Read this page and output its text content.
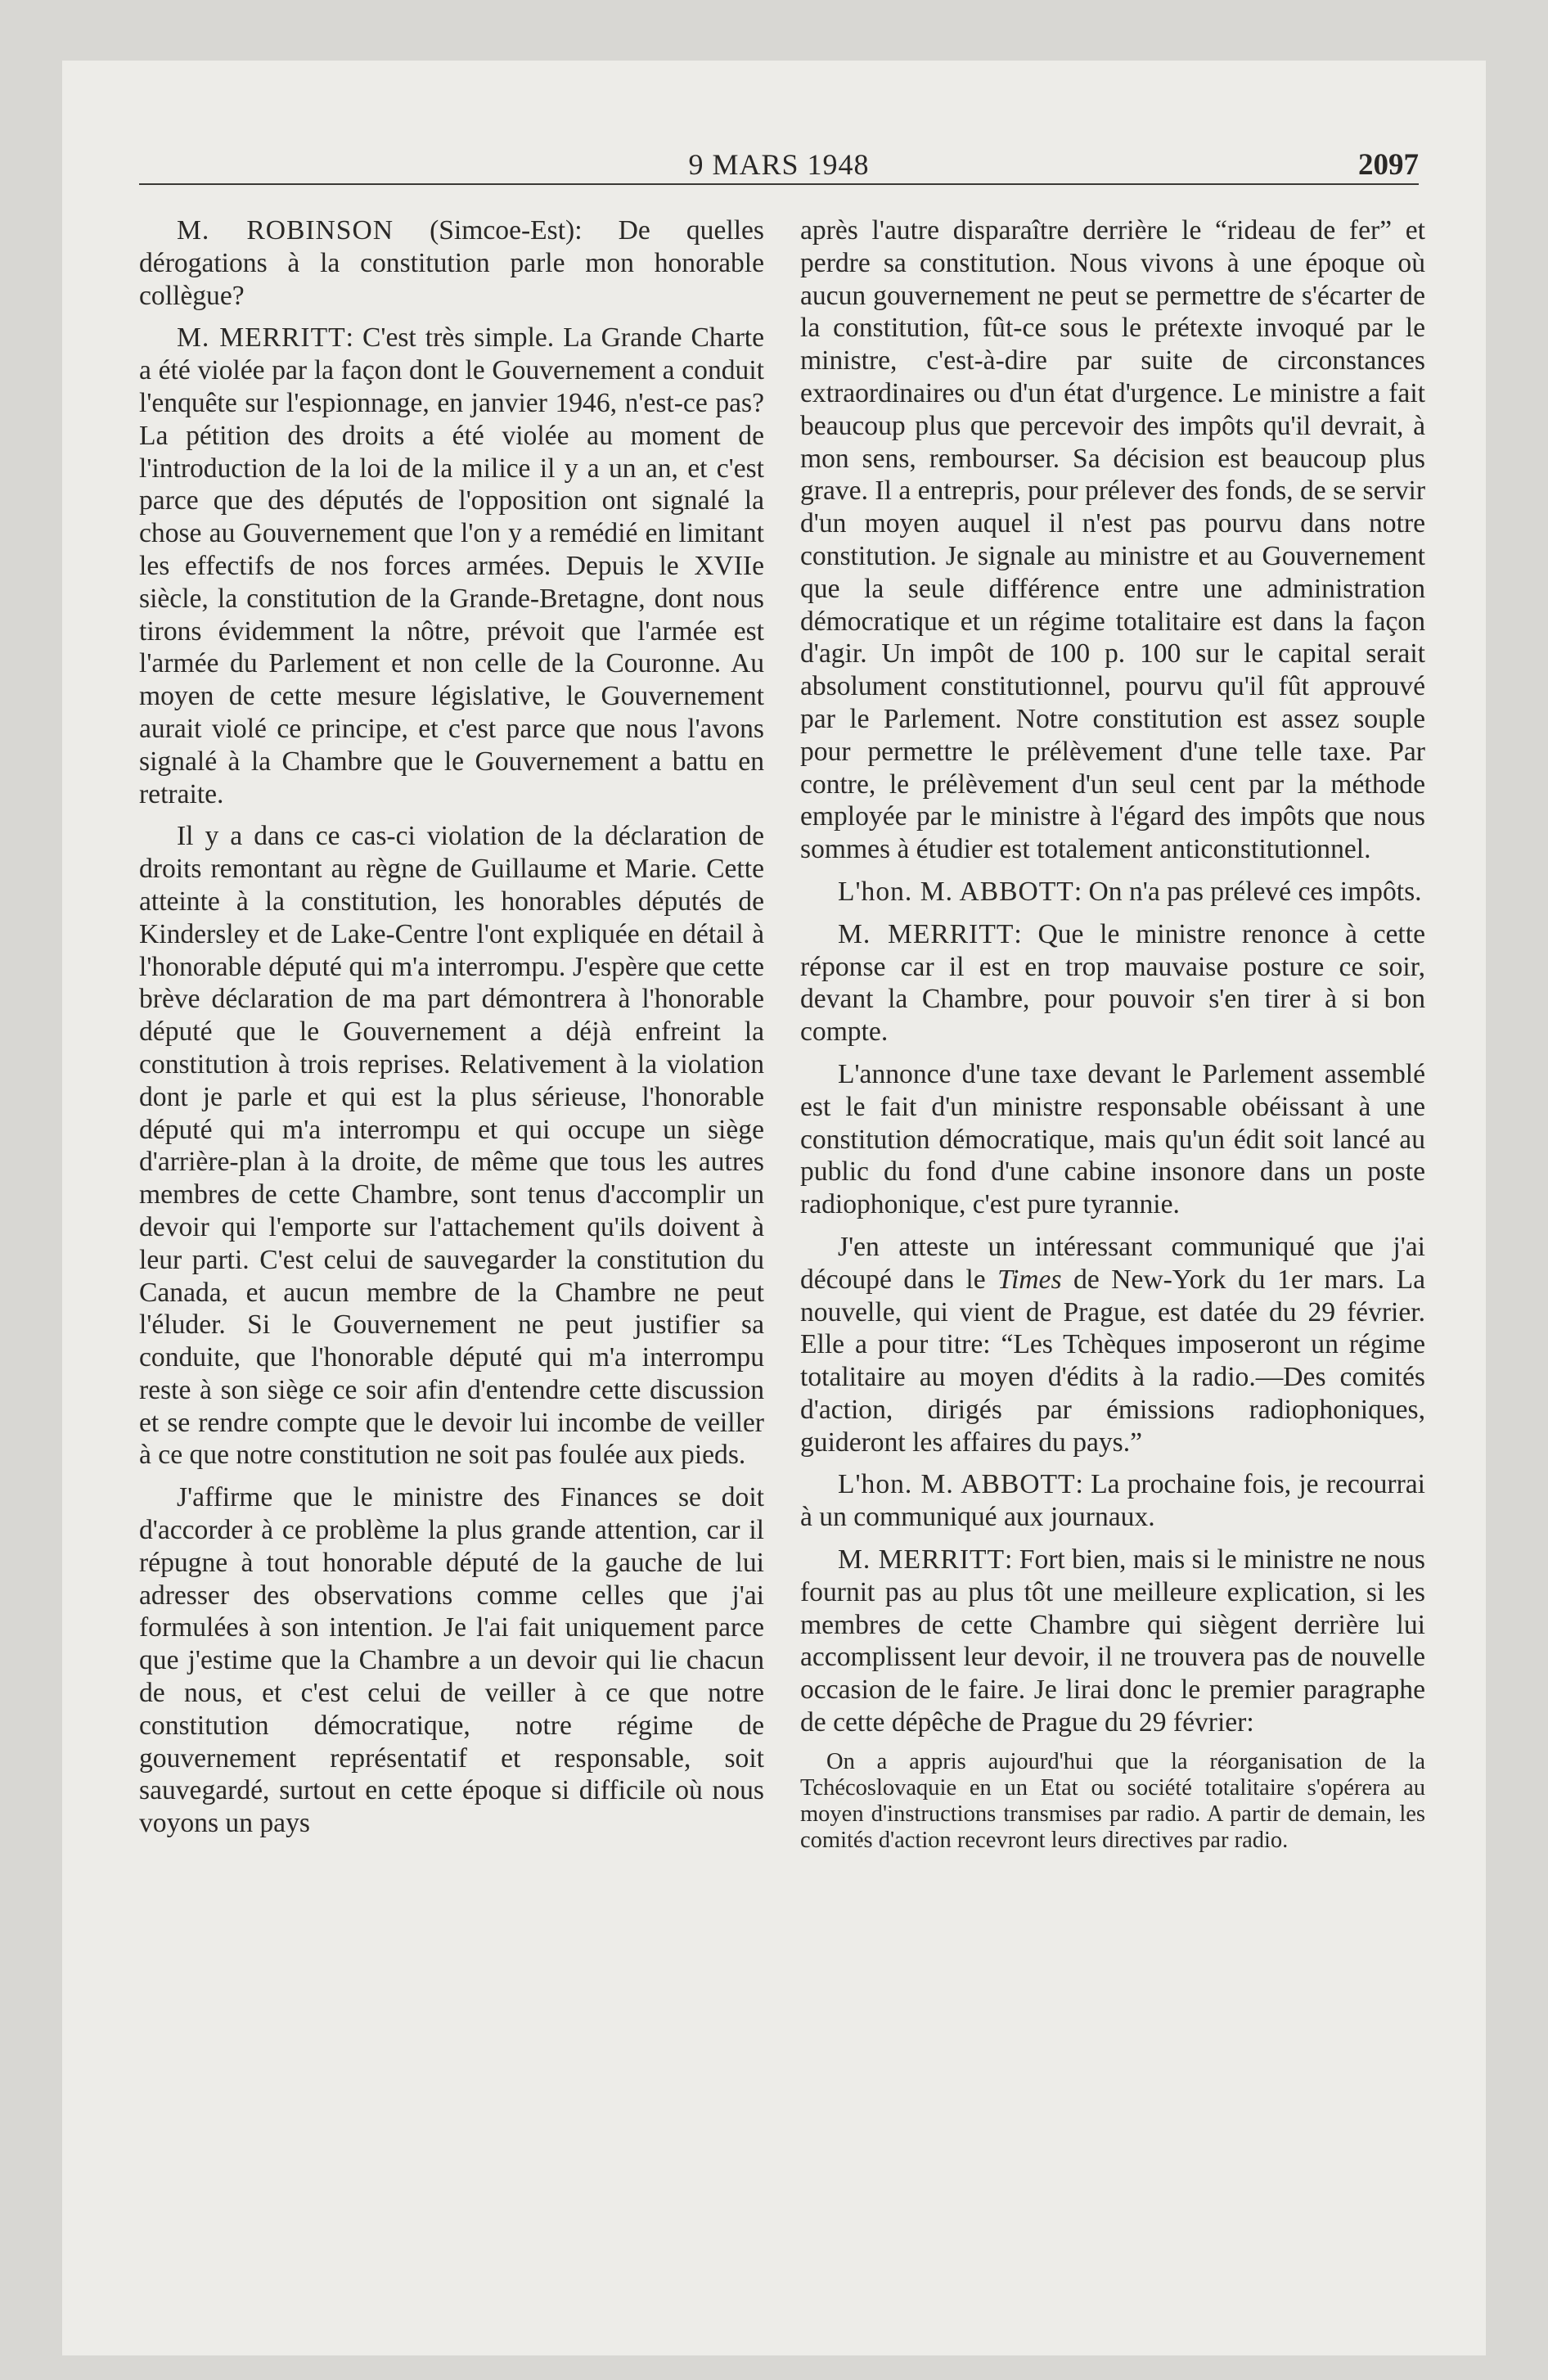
9 MARS 1948	2097

M. ROBINSON (Simcoe-Est): De quelles dérogations à la constitution parle mon honorable collègue?

M. MERRITT: C'est très simple. La Grande Charte a été violée par la façon dont le Gouvernement a conduit l'enquête sur l'espionnage, en janvier 1946, n'est-ce pas? La pétition des droits a été violée au moment de l'introduction de la loi de la milice il y a un an, et c'est parce que des députés de l'opposition ont signalé la chose au Gouvernement que l'on y a remédié en limitant les effectifs de nos forces armées. Depuis le XVIIe siècle, la constitution de la Grande-Bretagne, dont nous tirons évidemment la nôtre, prévoit que l'armée est l'armée du Parlement et non celle de la Couronne. Au moyen de cette mesure législative, le Gouvernement aurait violé ce principe, et c'est parce que nous l'avons signalé à la Chambre que le Gouvernement a battu en retraite.

Il y a dans ce cas-ci violation de la déclaration de droits remontant au règne de Guillaume et Marie. Cette atteinte à la constitution, les honorables députés de Kindersley et de Lake-Centre l'ont expliquée en détail à l'honorable député qui m'a interrompu. J'espère que cette brève déclaration de ma part démontrera à l'honorable député que le Gouvernement a déjà enfreint la constitution à trois reprises. Relativement à la violation dont je parle et qui est la plus sérieuse, l'honorable député qui m'a interrompu et qui occupe un siège d'arrière-plan à la droite, de même que tous les autres membres de cette Chambre, sont tenus d'accomplir un devoir qui l'emporte sur l'attachement qu'ils doivent à leur parti. C'est celui de sauvegarder la constitution du Canada, et aucun membre de la Chambre ne peut l'éluder. Si le Gouvernement ne peut justifier sa conduite, que l'honorable député qui m'a interrompu reste à son siège ce soir afin d'entendre cette discussion et se rendre compte que le devoir lui incombe de veiller à ce que notre constitution ne soit pas foulée aux pieds.

J'affirme que le ministre des Finances se doit d'accorder à ce problème la plus grande attention, car il répugne à tout honorable député de la gauche de lui adresser des observations comme celles que j'ai formulées à son intention. Je l'ai fait uniquement parce que j'estime que la Chambre a un devoir qui lie chacun de nous, et c'est celui de veiller à ce que notre constitution démocratique, notre régime de gouvernement représentatif et responsable, soit sauvegardé, surtout en cette époque si difficile où nous voyons un pays

après l'autre disparaître derrière le “rideau de fer” et perdre sa constitution. Nous vivons à une époque où aucun gouvernement ne peut se permettre de s'écarter de la constitution, fût-ce sous le prétexte invoqué par le ministre, c'est-à-dire par suite de circonstances extraordinaires ou d'un état d'urgence. Le ministre a fait beaucoup plus que percevoir des impôts qu'il devrait, à mon sens, rembourser. Sa décision est beaucoup plus grave. Il a entrepris, pour prélever des fonds, de se servir d'un moyen auquel il n'est pas pourvu dans notre constitution. Je signale au ministre et au Gouvernement que la seule différence entre une administration démocratique et un régime totalitaire est dans la façon d'agir. Un impôt de 100 p. 100 sur le capital serait absolument constitutionnel, pourvu qu'il fût approuvé par le Parlement. Notre constitution est assez souple pour permettre le prélèvement d'une telle taxe. Par contre, le prélèvement d'un seul cent par la méthode employée par le ministre à l'égard des impôts que nous sommes à étudier est totalement anticonstitutionnel.

L'hon. M. ABBOTT: On n'a pas prélevé ces impôts.

M. MERRITT: Que le ministre renonce à cette réponse car il est en trop mauvaise posture ce soir, devant la Chambre, pour pouvoir s'en tirer à si bon compte.

L'annonce d'une taxe devant le Parlement assemblé est le fait d'un ministre responsable obéissant à une constitution démocratique, mais qu'un édit soit lancé au public du fond d'une cabine insonore dans un poste radiophonique, c'est pure tyrannie.

J'en atteste un intéressant communiqué que j'ai découpé dans le Times de New-York du 1er mars. La nouvelle, qui vient de Prague, est datée du 29 février. Elle a pour titre: “Les Tchèques imposeront un régime totalitaire au moyen d'édits à la radio.—Des comités d'action, dirigés par émissions radiophoniques, guideront les affaires du pays.”

L'hon. M. ABBOTT: La prochaine fois, je recourrai à un communiqué aux journaux.

M. MERRITT: Fort bien, mais si le ministre ne nous fournit pas au plus tôt une meilleure explication, si les membres de cette Chambre qui siègent derrière lui accomplissent leur devoir, il ne trouvera pas de nouvelle occasion de le faire. Je lirai donc le premier paragraphe de cette dépêche de Prague du 29 février:

On a appris aujourd'hui que la réorganisation de la Tchécoslovaquie en un Etat ou société totalitaire s'opérera au moyen d'instructions transmises par radio. A partir de demain, les comités d'action recevront leurs directives par radio.
